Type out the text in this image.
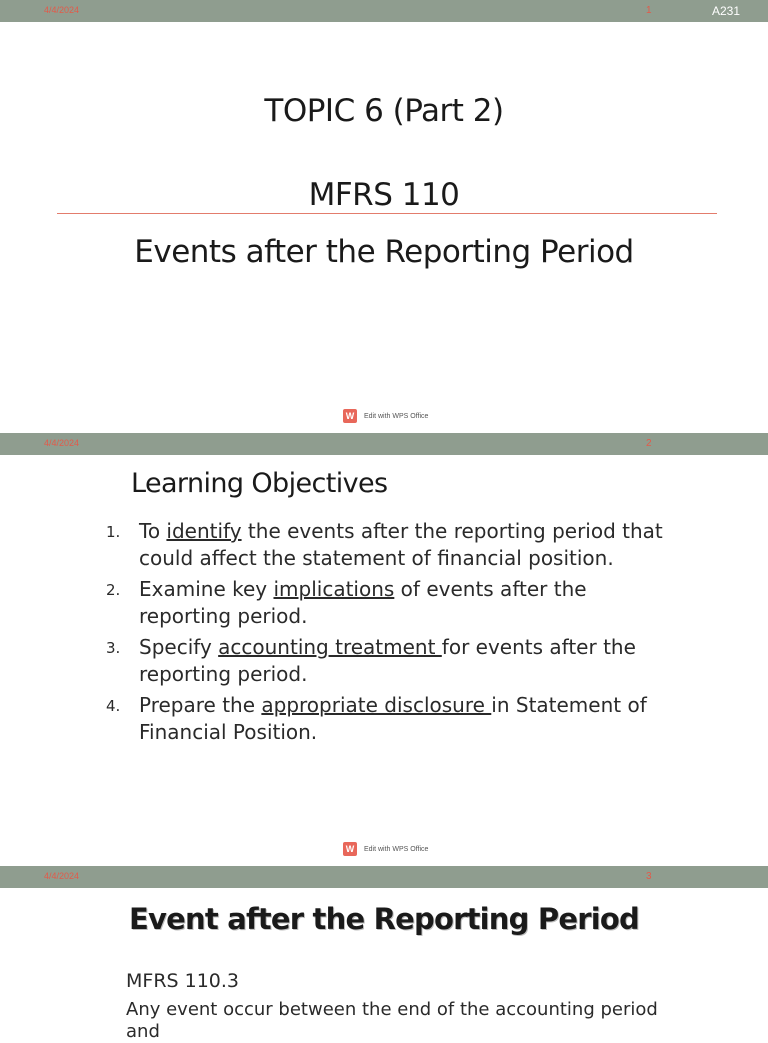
4/4/2024	1	A231
TOPIC 6 (Part 2)
MFRS 110
Events after the Reporting Period
W	Edit with WPS Office
4/4/2024	2
Learning Objectives
1. To identify the events after the reporting period that could affect the statement of financial position.
2. Examine key implications of events after the reporting period.
3. Specify accounting treatment for events after the reporting period.
4. Prepare the appropriate disclosure in Statement of Financial Position.
W	Edit with WPS Office
4/4/2024	3
Event after the Reporting Period
MFRS 110.3
Any event occur between the end of the accounting period and
